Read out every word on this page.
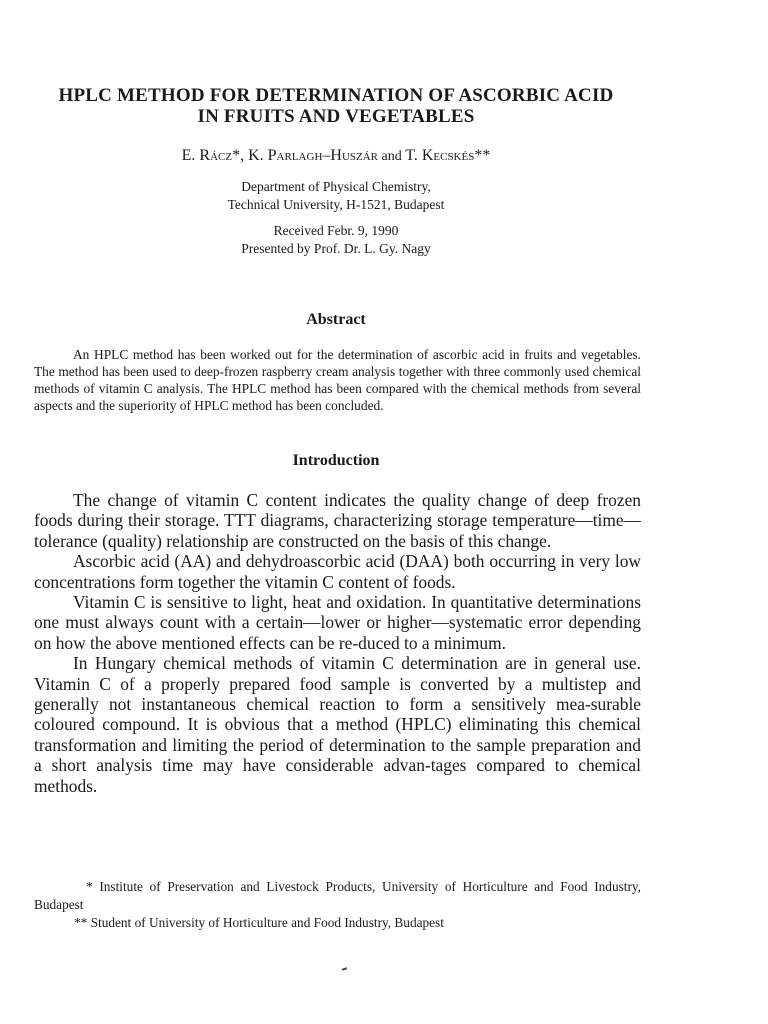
HPLC METHOD FOR DETERMINATION OF ASCORBIC ACID
IN FRUITS AND VEGETABLES
E. Rácz*, K. Parlagh–Huszár and T. Kecskés**
Department of Physical Chemistry,
Technical University, H-1521, Budapest
Received Febr. 9, 1990
Presented by Prof. Dr. L. Gy. Nagy
Abstract

An HPLC method has been worked out for the determination of ascorbic acid in fruits and vegetables. The method has been used to deep-frozen raspberry cream analysis together with three commonly used chemical methods of vitamin C analysis. The HPLC method has been compared with the chemical methods from several aspects and the superiority of HPLC method has been concluded.

Introduction

The change of vitamin C content indicates the quality change of deep frozen foods during their storage. TTT diagrams, characterizing storage temperature—time—tolerance (quality) relationship are constructed on the basis of this change.

Ascorbic acid (AA) and dehydroascorbic acid (DAA) both occurring in very low concentrations form together the vitamin C content of foods.

Vitamin C is sensitive to light, heat and oxidation. In quantitative determinations one must always count with a certain—lower or higher—systematic error depending on how the above mentioned effects can be re-duced to a minimum.

In Hungary chemical methods of vitamin C determination are in general use. Vitamin C of a properly prepared food sample is converted by a multistep and generally not instantaneous chemical reaction to form a sensitively mea-surable coloured compound. It is obvious that a method (HPLC) eliminating this chemical transformation and limiting the period of determination to the sample preparation and a short analysis time may have considerable advan-tages compared to chemical methods.

* Institute of Preservation and Livestock Products, University of Horticulture and Food Industry, Budapest

** Student of University of Horticulture and Food Industry, Budapest
